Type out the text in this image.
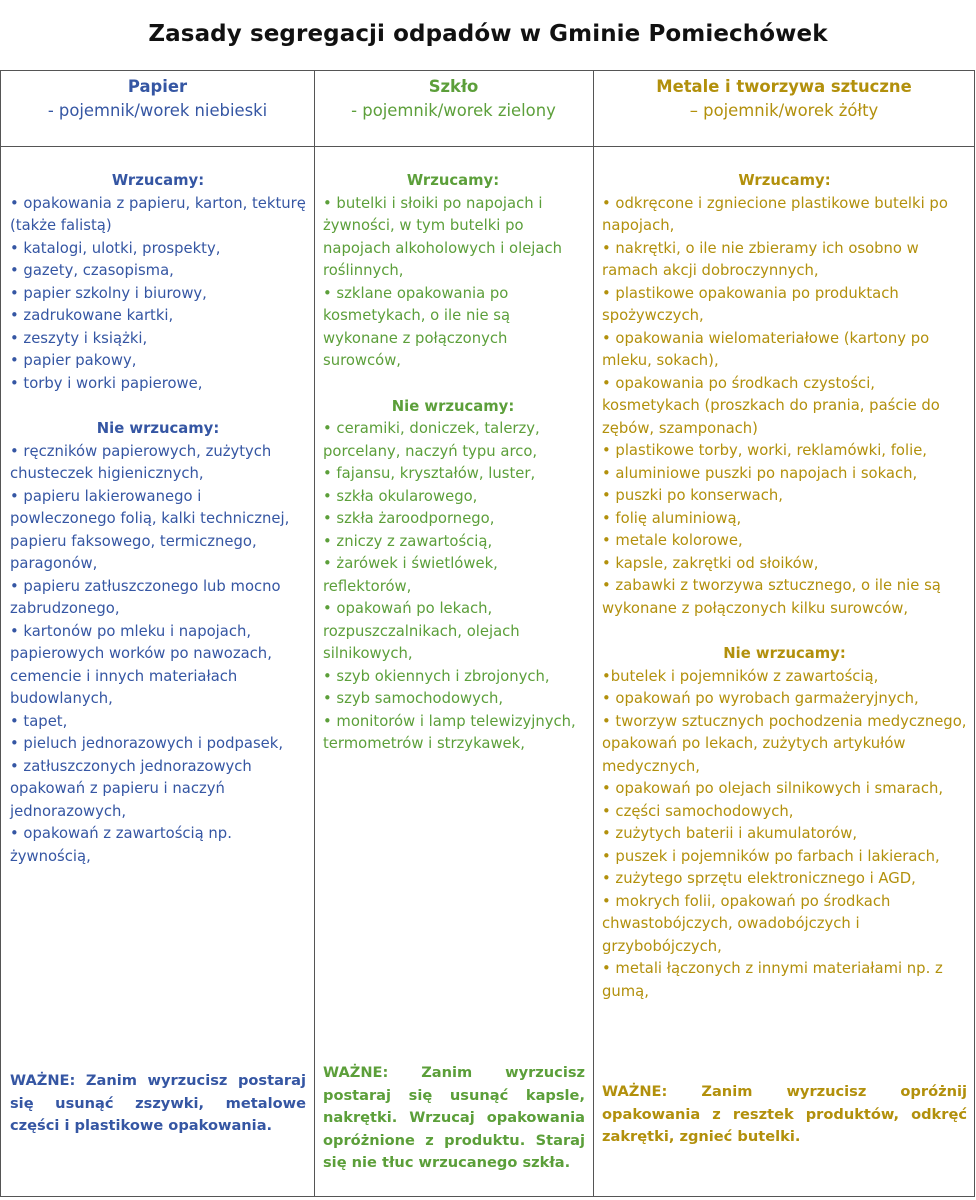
Zasady segregacji odpadów w Gminie Pomiechówek
Papier
- pojemnik/worek niebieski
Szkło
- pojemnik/worek zielony
Metale i tworzywa sztuczne
– pojemnik/worek żółty
Wrzucamy:
• opakowania z papieru, karton, tekturę (także falistą)
• katalogi, ulotki, prospekty,
• gazety, czasopisma,
• papier szkolny i biurowy,
• zadrukowane kartki,
• zeszyty i książki,
• papier pakowy,
• torby i worki papierowe,
Nie wrzucamy:
• ręczników papierowych, zużytych chusteczek higienicznych,
• papieru lakierowanego i powleczonego folią, kalki technicznej, papieru faksowego, termicznego, paragonów,
• papieru zatłuszczonego lub mocno zabrudzonego,
• kartonów po mleku i napojach, papierowych worków po nawozach, cemencie i innych materiałach budowlanych,
• tapet,
• pieluch jednorazowych i podpasek,
• zatłuszczonych jednorazowych opakowań z papieru i naczyń jednorazowych,
• opakowań z zawartością np. żywnością,
Wrzucamy:
• butelki i słoiki po napojach i żywności, w tym butelki po napojach alkoholowych i olejach roślinnych,
• szklane opakowania po kosmetykach, o ile nie są wykonane z połączonych surowców,
Nie wrzucamy:
• ceramiki, doniczek, talerzy, porcelany, naczyń typu arco,
• fajansu, kryształów, luster,
• szkła okularowego,
• szkła żaroodpornego,
• zniczy z zawartością,
• żarówek i świetlówek, reflektorów,
• opakowań po lekach, rozpuszczalnikach, olejach silnikowych,
• szyb okiennych i zbrojonych,
• szyb samochodowych,
• monitorów i lamp telewizyjnych, termometrów i strzykawek,
Wrzucamy:
• odkręcone i zgniecione plastikowe butelki po napojach,
• nakrętki, o ile nie zbieramy ich osobno w ramach akcji dobroczynnych,
• plastikowe opakowania po produktach spożywczych,
• opakowania wielomateriałowe (kartony po mleku, sokach),
• opakowania po środkach czystości, kosmetykach (proszkach do prania, paście do zębów, szamponach)
• plastikowe torby, worki, reklamówki, folie,
• aluminiowe puszki po napojach i sokach,
• puszki po konserwach,
• folię aluminiową,
• metale kolorowe,
• kapsle, zakrętki od słoików,
• zabawki z tworzywa sztucznego, o ile nie są wykonane z połączonych kilku surowców,
Nie wrzucamy:
•butelek i pojemników z zawartością,
• opakowań po wyrobach garmażeryjnych,
• tworzyw sztucznych pochodzenia medycznego, opakowań po lekach, zużytych artykułów medycznych,
• opakowań po olejach silnikowych i smarach,
• części samochodowych,
• zużytych baterii i akumulatorów,
• puszek i pojemników po farbach i lakierach,
• zużytego sprzętu elektronicznego i AGD,
• mokrych folii, opakowań po środkach chwastobójczych, owadobójczych i grzybobójczych,
• metali łączonych z innymi materiałami np. z gumą,
WAŻNE: Zanim wyrzucisz postaraj się usunąć zszywki, metalowe części i plastikowe opakowania.
WAŻNE: Zanim wyrzucisz postaraj się usunąć kapsle, nakrętki. Wrzucaj opakowania opróżnione z produktu. Staraj się nie tłuc wrzucanego szkła.
WAŻNE: Zanim wyrzucisz opróżnij opakowania z resztek produktów, odkręć zakrętki, zgnieć butelki.
